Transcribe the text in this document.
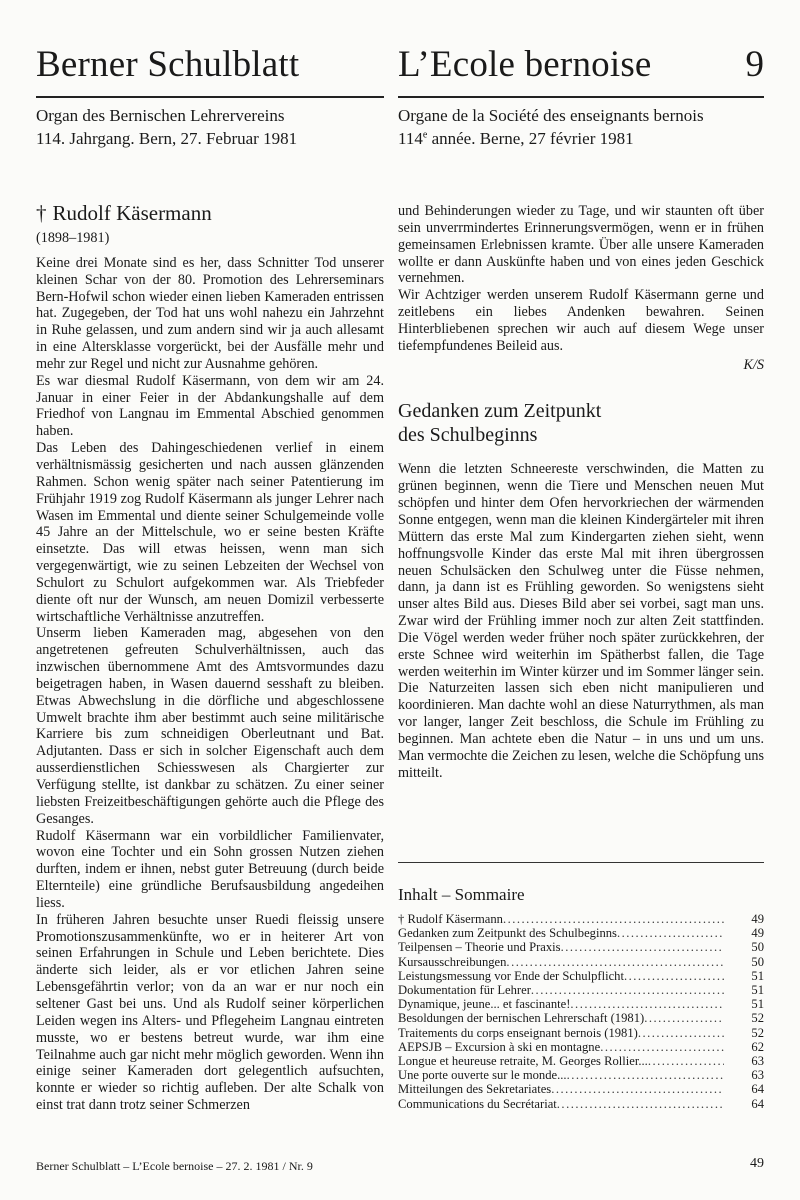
Berner Schulblatt	L’Ecole bernoise	9
Organ des Bernischen Lehrervereins
114. Jahrgang. Bern, 27. Februar 1981
Organe de la Société des enseignants bernois
114e année. Berne, 27 février 1981
† Rudolf Käsermann
(1898–1981)

Keine drei Monate sind es her, dass Schnitter Tod unserer kleinen Schar von der 80. Promotion des Lehrerseminars Bern-Hofwil schon wieder einen lieben Kameraden entrissen hat. Zugegeben, der Tod hat uns wohl nahezu ein Jahrzehnt in Ruhe gelassen, und zum andern sind wir ja auch allesamt in eine Altersklasse vorgerückt, bei der Ausfälle mehr und mehr zur Regel und nicht zur Ausnahme gehören.

Es war diesmal Rudolf Käsermann, von dem wir am 24. Januar in einer Feier in der Abdankungshalle auf dem Friedhof von Langnau im Emmental Abschied genommen haben.

Das Leben des Dahingeschiedenen verlief in einem verhältnismässig gesicherten und nach aussen glänzenden Rahmen. Schon wenig später nach seiner Patentierung im Frühjahr 1919 zog Rudolf Käsermann als junger Lehrer nach Wasen im Emmental und diente seiner Schulgemeinde volle 45 Jahre an der Mittelschule, wo er seine besten Kräfte einsetzte. Das will etwas heissen, wenn man sich vergegenwärtigt, wie zu seinen Lebzeiten der Wechsel von Schulort zu Schulort aufgekommen war. Als Triebfeder diente oft nur der Wunsch, am neuen Domizil verbesserte wirtschaftliche Verhältnisse anzutreffen.

Unserm lieben Kameraden mag, abgesehen von den angetretenen gefreuten Schulverhältnissen, auch das inzwischen übernommene Amt des Amtsvormundes dazu beigetragen haben, in Wasen dauernd sesshaft zu bleiben. Etwas Abwechslung in die dörfliche und abgeschlossene Umwelt brachte ihm aber bestimmt auch seine militärische Karriere bis zum schneidigen Oberleutnant und Bat. Adjutanten. Dass er sich in solcher Eigenschaft auch dem ausserdienstlichen Schiesswesen als Chargierter zur Verfügung stellte, ist dankbar zu schätzen. Zu einer seiner liebsten Freizeitbeschäftigungen gehörte auch die Pflege des Gesanges.

Rudolf Käsermann war ein vorbildlicher Familienvater, wovon eine Tochter und ein Sohn grossen Nutzen ziehen durften, indem er ihnen, nebst guter Betreuung (durch beide Elternteile) eine gründliche Berufsausbildung angedeihen liess.

In früheren Jahren besuchte unser Ruedi fleissig unsere Promotionszusammenkünfte, wo er in heiterer Art von seinen Erfahrungen in Schule und Leben berichtete. Dies änderte sich leider, als er vor etlichen Jahren seine Lebensgefährtin verlor; von da an war er nur noch ein seltener Gast bei uns. Und als Rudolf seiner körperlichen Leiden wegen ins Alters- und Pflegeheim Langnau eintreten musste, wo er bestens betreut wurde, war ihm eine Teilnahme auch gar nicht mehr möglich geworden. Wenn ihn einige seiner Kameraden dort gelegentlich aufsuchten, konnte er wieder so richtig aufleben. Der alte Schalk von einst trat dann trotz seiner Schmerzen

und Behinderungen wieder zu Tage, und wir staunten oft über sein unverrmindertes Erinnerungsvermögen, wenn er in frühen gemeinsamen Erlebnissen kramte. Über alle unsere Kameraden wollte er dann Auskünfte haben und von eines jeden Geschick vernehmen.

Wir Achtziger werden unserem Rudolf Käsermann gerne und zeitlebens ein liebes Andenken bewahren. Seinen Hinterbliebenen sprechen wir auch auf diesem Wege unser tiefempfundenes Beileid aus.

K/S
Gedanken zum Zeitpunkt
des Schulbeginns

Wenn die letzten Schneereste verschwinden, die Matten zu grünen beginnen, wenn die Tiere und Menschen neuen Mut schöpfen und hinter dem Ofen hervorkriechen der wärmenden Sonne entgegen, wenn man die kleinen Kindergärteler mit ihren Müttern das erste Mal zum Kindergarten ziehen sieht, wenn hoffnungsvolle Kinder das erste Mal mit ihren übergrossen neuen Schulsäcken den Schulweg unter die Füsse nehmen, dann, ja dann ist es Frühling geworden. So wenigstens sieht unser altes Bild aus. Dieses Bild aber sei vorbei, sagt man uns. Zwar wird der Frühling immer noch zur alten Zeit stattfinden. Die Vögel werden weder früher noch später zurückkehren, der erste Schnee wird weiterhin im Spätherbst fallen, die Tage werden weiterhin im Winter kürzer und im Sommer länger sein. Die Naturzeiten lassen sich eben nicht manipulieren und koordinieren. Man dachte wohl an diese Naturrythmen, als man vor langer, langer Zeit beschloss, die Schule im Frühling zu beginnen. Man achtete eben die Natur – in uns und um uns. Man vermochte die Zeichen zu lesen, welche die Schöpfung uns mitteilt.

Inhalt – Sommaire
† Rudolf Käsermann .....	49
Gedanken zum Zeitpunkt des Schulbeginns .....	49
Teilpensen – Theorie und Praxis .....	50
Kursausschreibungen .....	50
Leistungsmessung vor Ende der Schulpflicht .....	51
Dokumentation für Lehrer .....	51
Dynamique, jeune... et fascinante! .....	51
Besoldungen der bernischen Lehrerschaft (1981) .....	52
Traitements du corps enseignant bernois (1981) .....	52
AEPSJB – Excursion à ski en montagne .....	62
Longue et heureuse retraite, M. Georges Rollier... .....	63
Une porte ouverte sur le monde... .....	63
Mitteilungen des Sekretariates .....	64
Communications du Secrétariat .....	64
Berner Schulblatt – L’Ecole bernoise – 27. 2. 1981 / Nr. 9	49
